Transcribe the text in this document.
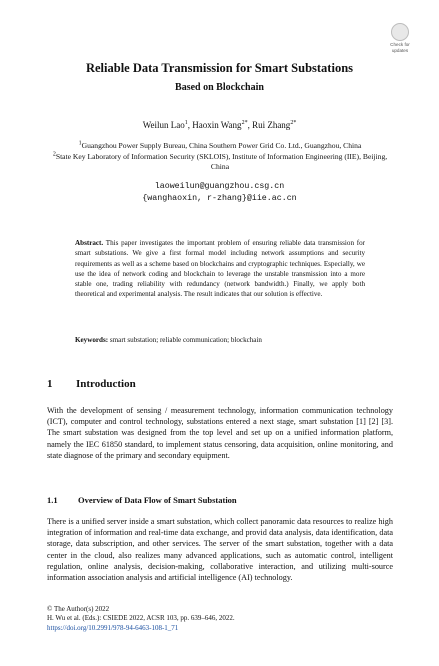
Check for
updates
Reliable Data Transmission for Smart Substations
Based on Blockchain
Weilun Lao$^1$, Haoxin Wang$^{2*}$, Rui Zhang$^{2*}$
$^1$Guangzhou Power Supply Bureau, China Southern Power Grid Co. Ltd., Guangzhou, China
$^2$State Key Laboratory of Information Security (SKLOIS), Institute of Information Engineering (IIE), Beijing, China
laoweilun@guangzhou.csg.cn
{wanghaoxin, r-zhang}@iie.ac.cn
Abstract. This paper investigates the important problem of ensuring reliable data transmission for smart substations. We give a first formal model including network assumptions and security requirements as well as a scheme based on blockchains and cryptographic techniques. Especially, we use the idea of network coding and blockchain to leverage the unstable transmission into a more stable one, trading reliability with redundancy (network bandwidth.) Finally, we apply both theoretical and experimental analysis. The result indicates that our solution is effective.
Keywords: smart substation; reliable communication; blockchain
1 Introduction
With the development of sensing / measurement technology, information communication technology (ICT), computer and control technology, substations entered a next stage, smart substation [1] [2] [3]. The smart substation was designed from the top level and set up on a unified information platform, namely the IEC 61850 standard, to implement status censoring, data acquisition, online monitoring, and state diagnose of the primary and secondary equipment.
1.1 Overview of Data Flow of Smart Substation
There is a unified server inside a smart substation, which collect panoramic data resources to realize high integration of information and real-time data exchange, and provid data analysis, data identification, data storage, data subscription, and other services. The server of the smart substation, together with a data center in the cloud, also realizes many advanced applications, such as automatic control, intelligent regulation, online analysis, decision-making, collaborative interaction, and utilizing multi-source information association analysis and artificial intelligence (AI) technology.
© The Author(s) 2022
H. Wu et al. (Eds.): CSIEDE 2022, ACSR 103, pp. 639–646, 2022.
https://doi.org/10.2991/978-94-6463-108-1_71
